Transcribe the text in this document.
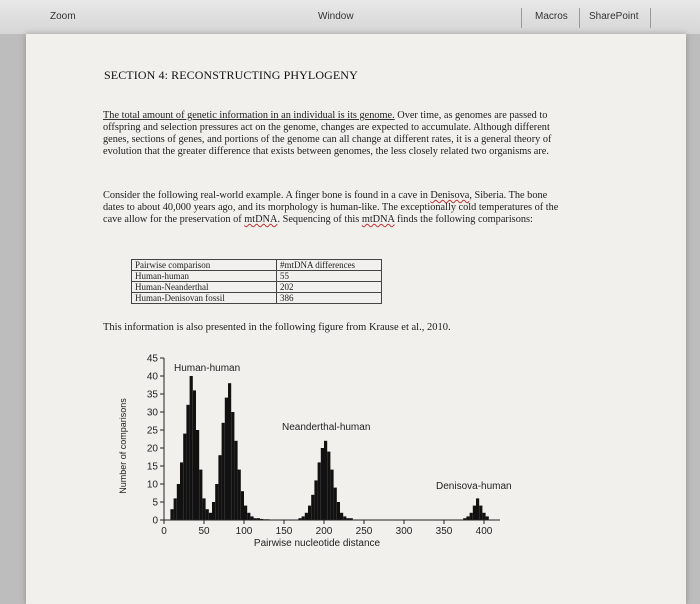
Zoom	Window	Macros SharePoint
SECTION 4: RECONSTRUCTING PHYLOGENY
The total amount of genetic information in an individual is its genome. Over time, as genomes are passed to offspring and selection pressures act on the genome, changes are expected to accumulate. Although different genes, sections of genes, and portions of the genome can all change at different rates, it is a general theory of evolution that the greater difference that exists between genomes, the less closely related two organisms are.
Consider the following real-world example. A finger bone is found in a cave in Denisova, Siberia. The bone dates to about 40,000 years ago, and its morphology is human-like. The exceptionally cold temperatures of the cave allow for the preservation of mtDNA. Sequencing of this mtDNA finds the following comparisons:
Pairwise comparison	#mtDNA differences
Human-human	55
Human-Neanderthal	202
Human-Denisovan fossil	386
This information is also presented in the following figure from Krause et al., 2010.
0
5
10
15
20
25
30
35
40
45
0	50	100 150 200 250 300 350 400
Number of comparisons
Pairwise nucleotide distance
Human-human
Neanderthal-human
Denisova-human
